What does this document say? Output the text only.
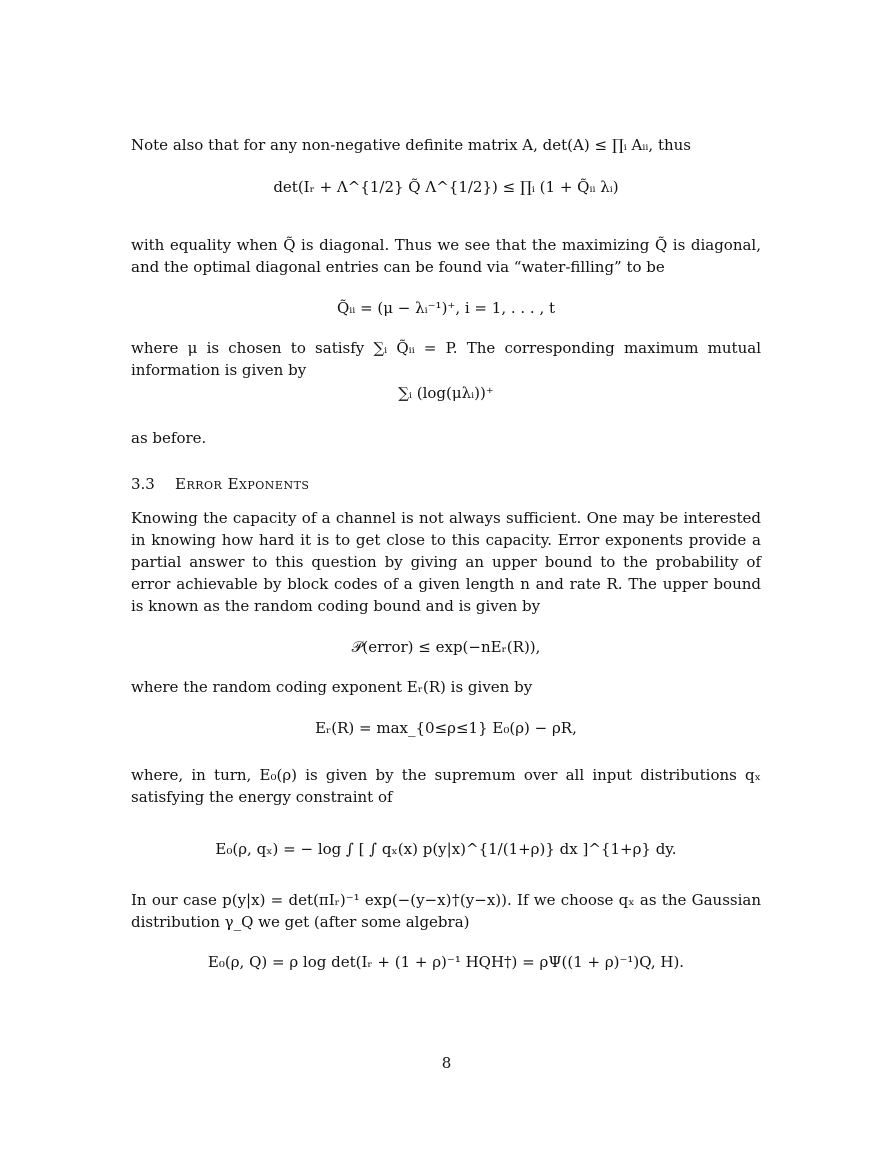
Note also that for any non-negative definite matrix A, det(A) ≤ ∏ᵢ Aᵢᵢ, thus

det(Iᵣ + Λ^{1/2} Q̃ Λ^{1/2}) ≤ ∏ᵢ (1 + Q̃ᵢᵢ λᵢ)

with equality when Q̃ is diagonal. Thus we see that the maximizing Q̃ is diagonal, and the optimal diagonal entries can be found via “water-filling” to be

Q̃ᵢᵢ = (μ − λᵢ⁻¹)⁺, i = 1, . . . , t

where μ is chosen to satisfy ∑ᵢ Q̃ᵢᵢ = P. The corresponding maximum mutual information is given by

∑ᵢ (log(μλᵢ))⁺

as before.

3.3 Error Exponents

Knowing the capacity of a channel is not always sufficient. One may be interested in knowing how hard it is to get close to this capacity. Error exponents provide a partial answer to this question by giving an upper bound to the probability of error achievable by block codes of a given length n and rate R. The upper bound is known as the random coding bound and is given by

𝒫(error) ≤ exp(−nEᵣ(R)),

where the random coding exponent Eᵣ(R) is given by

Eᵣ(R) = max_{0≤ρ≤1} E₀(ρ) − ρR,

where, in turn, E₀(ρ) is given by the supremum over all input distributions qₓ satisfying the energy constraint of

E₀(ρ, qₓ) = − log ∫ [ ∫ qₓ(x) p(y|x)^{1/(1+ρ)} dx ]^{1+ρ} dy.

In our case p(y|x) = det(πIᵣ)⁻¹ exp(−(y−x)†(y−x)). If we choose qₓ as the Gaussian distribution γ_Q we get (after some algebra)

E₀(ρ, Q) = ρ log det(Iᵣ + (1 + ρ)⁻¹ HQH†) = ρΨ((1 + ρ)⁻¹)Q, H).
8
